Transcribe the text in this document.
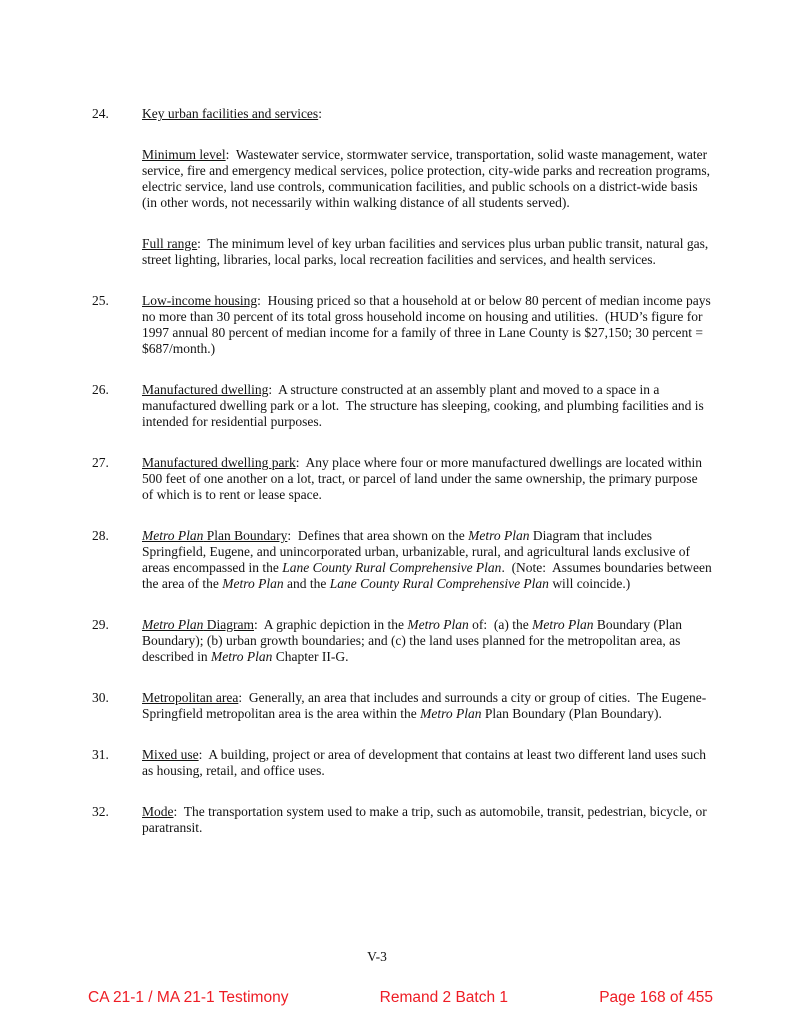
24.	Key urban facilities and services:

Minimum level:  Wastewater service, stormwater service, transportation, solid waste management, water service, fire and emergency medical services, police protection, city-wide parks and recreation programs, electric service, land use controls, communication facilities, and public schools on a district-wide basis (in other words, not necessarily within walking distance of all students served).

Full range:  The minimum level of key urban facilities and services plus urban public transit, natural gas, street lighting, libraries, local parks, local recreation facilities and services, and health services.

25.	Low-income housing:  Housing priced so that a household at or below 80 percent of median income pays no more than 30 percent of its total gross household income on housing and utilities.  (HUD’s figure for 1997 annual 80 percent of median income for a family of three in Lane County is $27,150; 30 percent = $687/month.)

26.	Manufactured dwelling:  A structure constructed at an assembly plant and moved to a space in a manufactured dwelling park or a lot.  The structure has sleeping, cooking, and plumbing facilities and is intended for residential purposes.

27.	Manufactured dwelling park:  Any place where four or more manufactured dwellings are located within 500 feet of one another on a lot, tract, or parcel of land under the same ownership, the primary purpose of which is to rent or lease space.

28.	Metro Plan Plan Boundary:  Defines that area shown on the Metro Plan Diagram that includes Springfield, Eugene, and unincorporated urban, urbanizable, rural, and agricultural lands exclusive of areas encompassed in the Lane County Rural Comprehensive Plan.  (Note:  Assumes boundaries between the area of the Metro Plan and the Lane County Rural Comprehensive Plan will coincide.)

29.	Metro Plan Diagram:  A graphic depiction in the Metro Plan of:  (a) the Metro Plan Boundary (Plan Boundary); (b) urban growth boundaries; and (c) the land uses planned for the metropolitan area, as described in Metro Plan Chapter II-G.

30.	Metropolitan area:  Generally, an area that includes and surrounds a city or group of cities.  The Eugene-Springfield metropolitan area is the area within the Metro Plan Plan Boundary (Plan Boundary).

31.	Mixed use:  A building, project or area of development that contains at least two different land uses such as housing, retail, and office uses.

32.	Mode:  The transportation system used to make a trip, such as automobile, transit, pedestrian, bicycle, or paratransit.

V-3
CA 21-1 / MA 21-1 Testimony	Remand 2 Batch 1	Page 168 of 455
